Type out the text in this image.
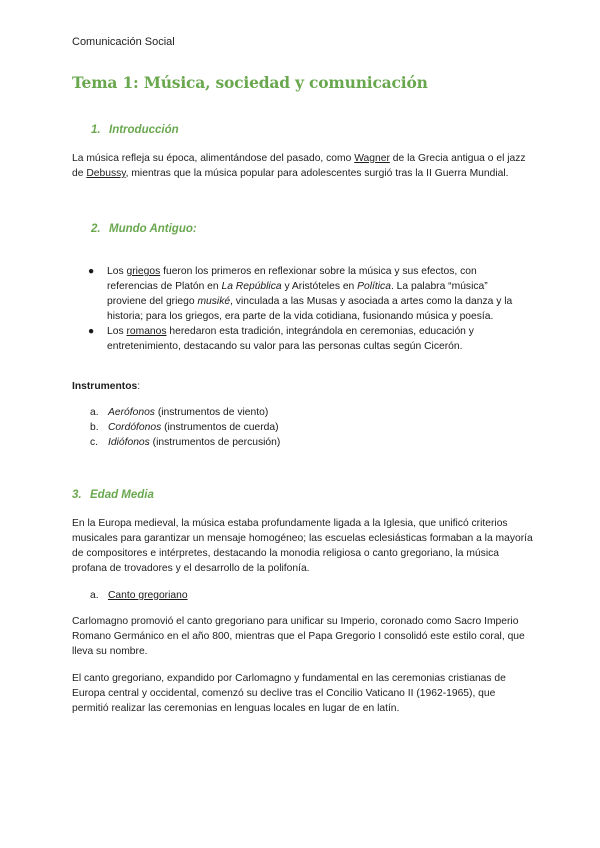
Comunicación Social
Tema 1: Música, sociedad y comunicación
1. Introducción
La música refleja su época, alimentándose del pasado, como Wagner de la Grecia antigua o el jazz de Debussy, mientras que la música popular para adolescentes surgió tras la II Guerra Mundial.
2. Mundo Antiguo:
● Los griegos fueron los primeros en reflexionar sobre la música y sus efectos, con referencias de Platón en La República y Aristóteles en Política. La palabra “música” proviene del griego musiké, vinculada a las Musas y asociada a artes como la danza y la historia; para los griegos, era parte de la vida cotidiana, fusionando música y poesía.
● Los romanos heredaron esta tradición, integrándola en ceremonias, educación y entretenimiento, destacando su valor para las personas cultas según Cicerón.
Instrumentos:
a. Aerófonos (instrumentos de viento)
b. Cordófonos (instrumentos de cuerda)
c. Idiófonos (instrumentos de percusión)
3. Edad Media
En la Europa medieval, la música estaba profundamente ligada a la Iglesia, que unificó criterios musicales para garantizar un mensaje homogéneo; las escuelas eclesiásticas formaban a la mayoría de compositores e intérpretes, destacando la monodia religiosa o canto gregoriano, la música profana de trovadores y el desarrollo de la polifonía.
a. Canto gregoriano
Carlomagno promovió el canto gregoriano para unificar su Imperio, coronado como Sacro Imperio Romano Germánico en el año 800, mientras que el Papa Gregorio I consolidó este estilo coral, que lleva su nombre.
El canto gregoriano, expandido por Carlomagno y fundamental en las ceremonias cristianas de Europa central y occidental, comenzó su declive tras el Concilio Vaticano II (1962-1965), que permitió realizar las ceremonias en lenguas locales en lugar de en latín.
